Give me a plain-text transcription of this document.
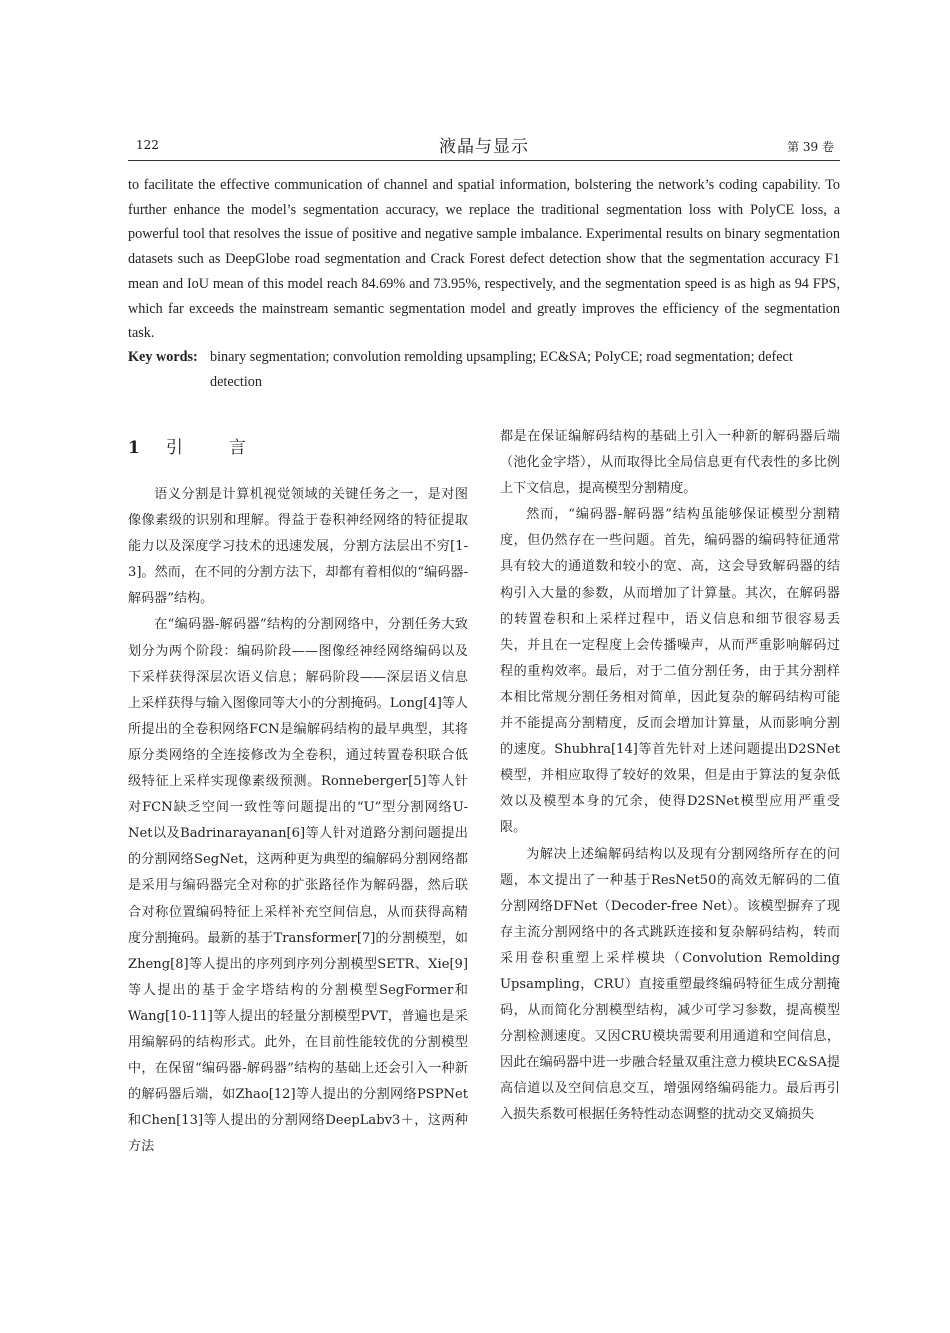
122	液晶与显示	第 39 卷

to facilitate the effective communication of channel and spatial information, bolstering the network’s coding capability. To further enhance the model’s segmentation accuracy, we replace the traditional segmentation loss with PolyCE loss, a powerful tool that resolves the issue of positive and negative sample imbalance. Experimental results on binary segmentation datasets such as DeepGlobe road segmentation and Crack Forest defect detection show that the segmentation accuracy F1 mean and IoU mean of this model reach 84.69% and 73.95%, respectively, and the segmentation speed is as high as 94 FPS, which far exceeds the mainstream semantic segmentation model and greatly improves the efficiency of the segmentation task.

Key words: binary segmentation; convolution remolding upsampling; EC&SA; PolyCE; road segmentation; defect detection
1 引言

语义分割是计算机视觉领域的关键任务之一，是对图像像素级的识别和理解。得益于卷积神经网络的特征提取能力以及深度学习技术的迅速发展，分割方法层出不穷[1-3]。然而，在不同的分割方法下，却都有着相似的“编码器-解码器”结构。

在“编码器-解码器”结构的分割网络中，分割任务大致划分为两个阶段：编码阶段——图像经神经网络编码以及下采样获得深层次语义信息；解码阶段——深层语义信息上采样获得与输入图像同等大小的分割掩码。Long[4]等人所提出的全卷积网络FCN是编解码结构的最早典型，其将原分类网络的全连接修改为全卷积，通过转置卷积联合低级特征上采样实现像素级预测。Ronneberger[5]等人针对FCN缺乏空间一致性等问题提出的“U”型分割网络U-Net以及Badrinarayanan[6]等人针对道路分割问题提出的分割网络SegNet，这两种更为典型的编解码分割网络都是采用与编码器完全对称的扩张路径作为解码器，然后联合对称位置编码特征上采样补充空间信息，从而获得高精度分割掩码。最新的基于Transformer[7]的分割模型，如Zheng[8]等人提出的序列到序列分割模型SETR、Xie[9]等人提出的基于金字塔结构的分割模型SegFormer和Wang[10-11]等人提出的轻量分割模型PVT，普遍也是采用编解码的结构形式。此外，在目前性能较优的分割模型中，在保留“编码器-解码器”结构的基础上还会引入一种新的解码器后端，如Zhao[12]等人提出的分割网络PSPNet和Chen[13]等人提出的分割网络DeepLabv3＋，这两种方法

都是在保证编解码结构的基础上引入一种新的解码器后端（池化金字塔），从而取得比全局信息更有代表性的多比例上下文信息，提高模型分割精度。

然而，“编码器-解码器”结构虽能够保证模型分割精度，但仍然存在一些问题。首先，编码器的编码特征通常具有较大的通道数和较小的宽、高，这会导致解码器的结构引入大量的参数，从而增加了计算量。其次，在解码器的转置卷积和上采样过程中，语义信息和细节很容易丢失，并且在一定程度上会传播噪声，从而严重影响解码过程的重构效率。最后，对于二值分割任务，由于其分割样本相比常规分割任务相对简单，因此复杂的解码结构可能并不能提高分割精度，反而会增加计算量，从而影响分割的速度。Shubhra[14]等首先针对上述问题提出D2SNet模型，并相应取得了较好的效果，但是由于算法的复杂低效以及模型本身的冗余，使得D2SNet模型应用严重受限。

为解决上述编解码结构以及现有分割网络所存在的问题，本文提出了一种基于ResNet50的高效无解码的二值分割网络DFNet（Decoder-free Net）。该模型摒弃了现存主流分割网络中的各式跳跃连接和复杂解码结构，转而采用卷积重塑上采样模块（Convolution Remolding Upsampling，CRU）直接重塑最终编码特征生成分割掩码，从而简化分割模型结构，减少可学习参数，提高模型分割检测速度。又因CRU模块需要利用通道和空间信息，因此在编码器中进一步融合轻量双重注意力模块EC&SA提高信道以及空间信息交互，增强网络编码能力。最后再引入损失系数可根据任务特性动态调整的扰动交叉熵损失
